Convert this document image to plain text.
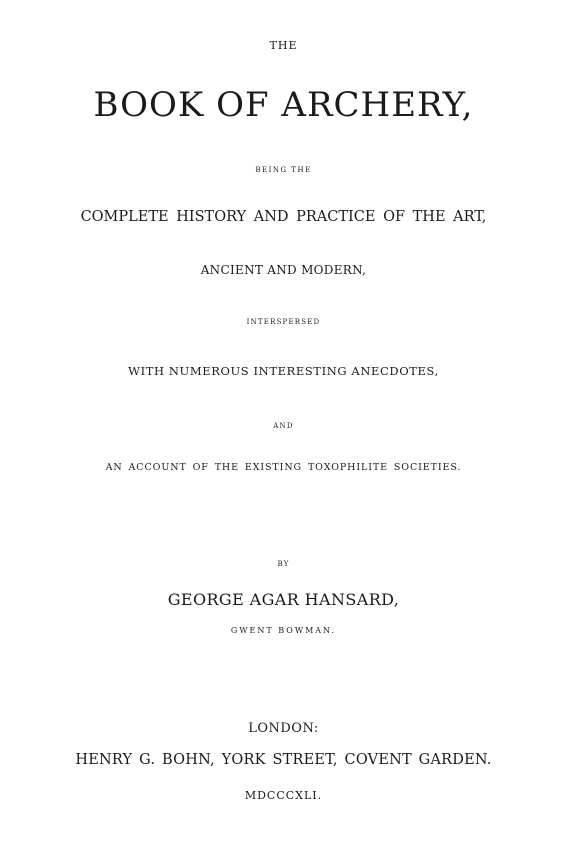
THE
BOOK OF ARCHERY,
BEING THE
COMPLETE HISTORY AND PRACTICE OF THE ART,
ANCIENT AND MODERN,
INTERSPERSED
WITH NUMEROUS INTERESTING ANECDOTES,
AND
AN ACCOUNT OF THE EXISTING TOXOPHILITE SOCIETIES.
BY
GEORGE AGAR HANSARD,
GWENT BOWMAN.
LONDON:
HENRY G. BOHN, YORK STREET, COVENT GARDEN.
MDCCCXLI.
